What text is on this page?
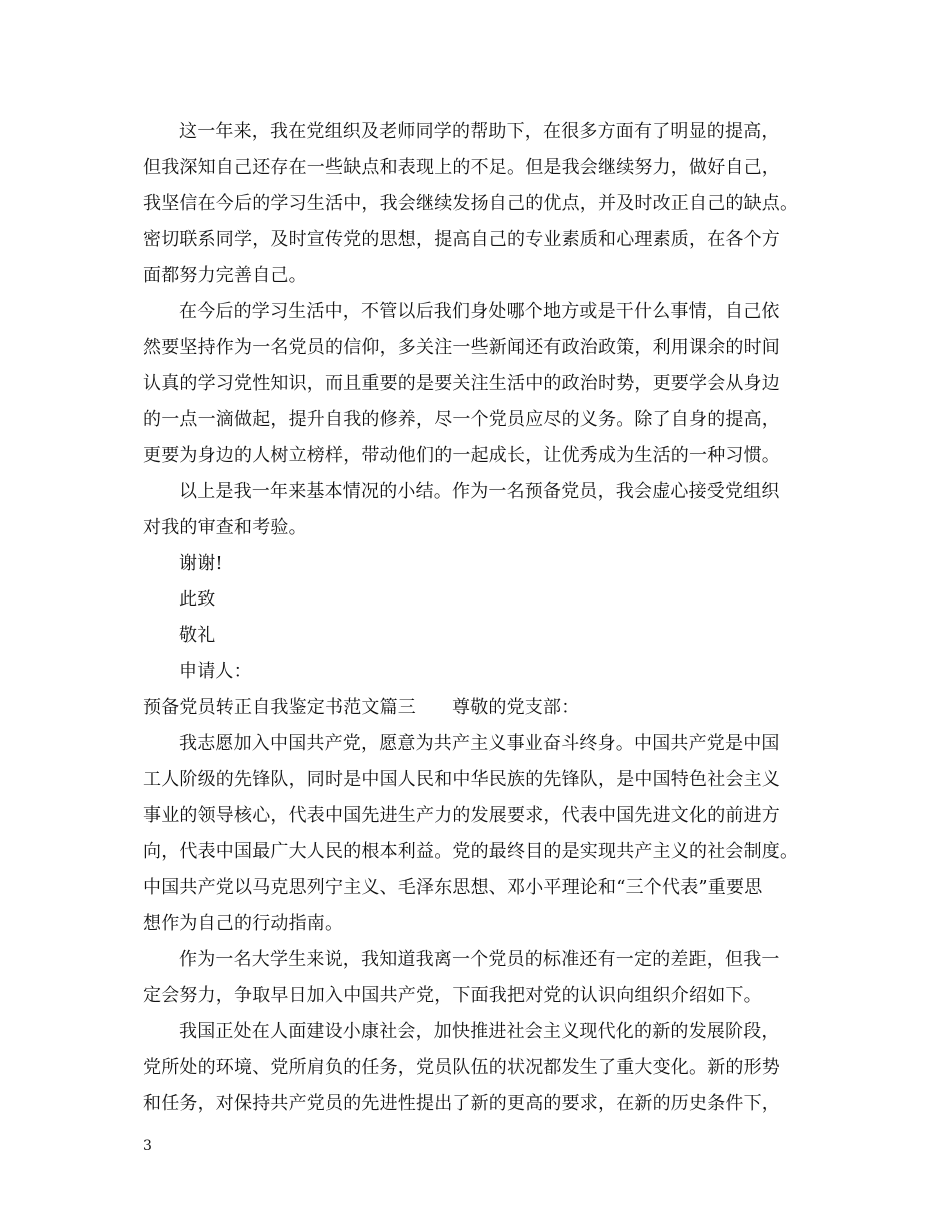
这一年来，我在党组织及老师同学的帮助下，在很多方面有了明显的提高，
但我深知自己还存在一些缺点和表现上的不足。但是我会继续努力，做好自己，
我坚信在今后的学习生活中，我会继续发扬自己的优点，并及时改正自己的缺点。
密切联系同学，及时宣传党的思想，提高自己的专业素质和心理素质，在各个方
面都努力完善自己。
在今后的学习生活中，不管以后我们身处哪个地方或是干什么事情，自己依
然要坚持作为一名党员的信仰，多关注一些新闻还有政治政策，利用课余的时间
认真的学习党性知识，而且重要的是要关注生活中的政治时势，更要学会从身边
的一点一滴做起，提升自我的修养，尽一个党员应尽的义务。除了自身的提高，
更要为身边的人树立榜样，带动他们的一起成长，让优秀成为生活的一种习惯。
以上是我一年来基本情况的小结。作为一名预备党员，我会虚心接受党组织
对我的审查和考验。
谢谢!
此致
敬礼
申请人：
预备党员转正自我鉴定书范文篇三 尊敬的党支部：
我志愿加入中国共产党，愿意为共产主义事业奋斗终身。中国共产党是中国
工人阶级的先锋队，同时是中国人民和中华民族的先锋队，是中国特色社会主义
事业的领导核心，代表中国先进生产力的发展要求，代表中国先进文化的前进方
向，代表中国最广大人民的根本利益。党的最终目的是实现共产主义的社会制度。
中国共产党以马克思列宁主义、毛泽东思想、邓小平理论和“三个代表”重要思
想作为自己的行动指南。
作为一名大学生来说，我知道我离一个党员的标准还有一定的差距，但我一
定会努力，争取早日加入中国共产党，下面我把对党的认识向组织介绍如下。
我国正处在人面建设小康社会，加快推进社会主义现代化的新的发展阶段，
党所处的环境、党所肩负的任务，党员队伍的状况都发生了重大变化。新的形势
和任务，对保持共产党员的先进性提出了新的更高的要求，在新的历史条件下，
3
